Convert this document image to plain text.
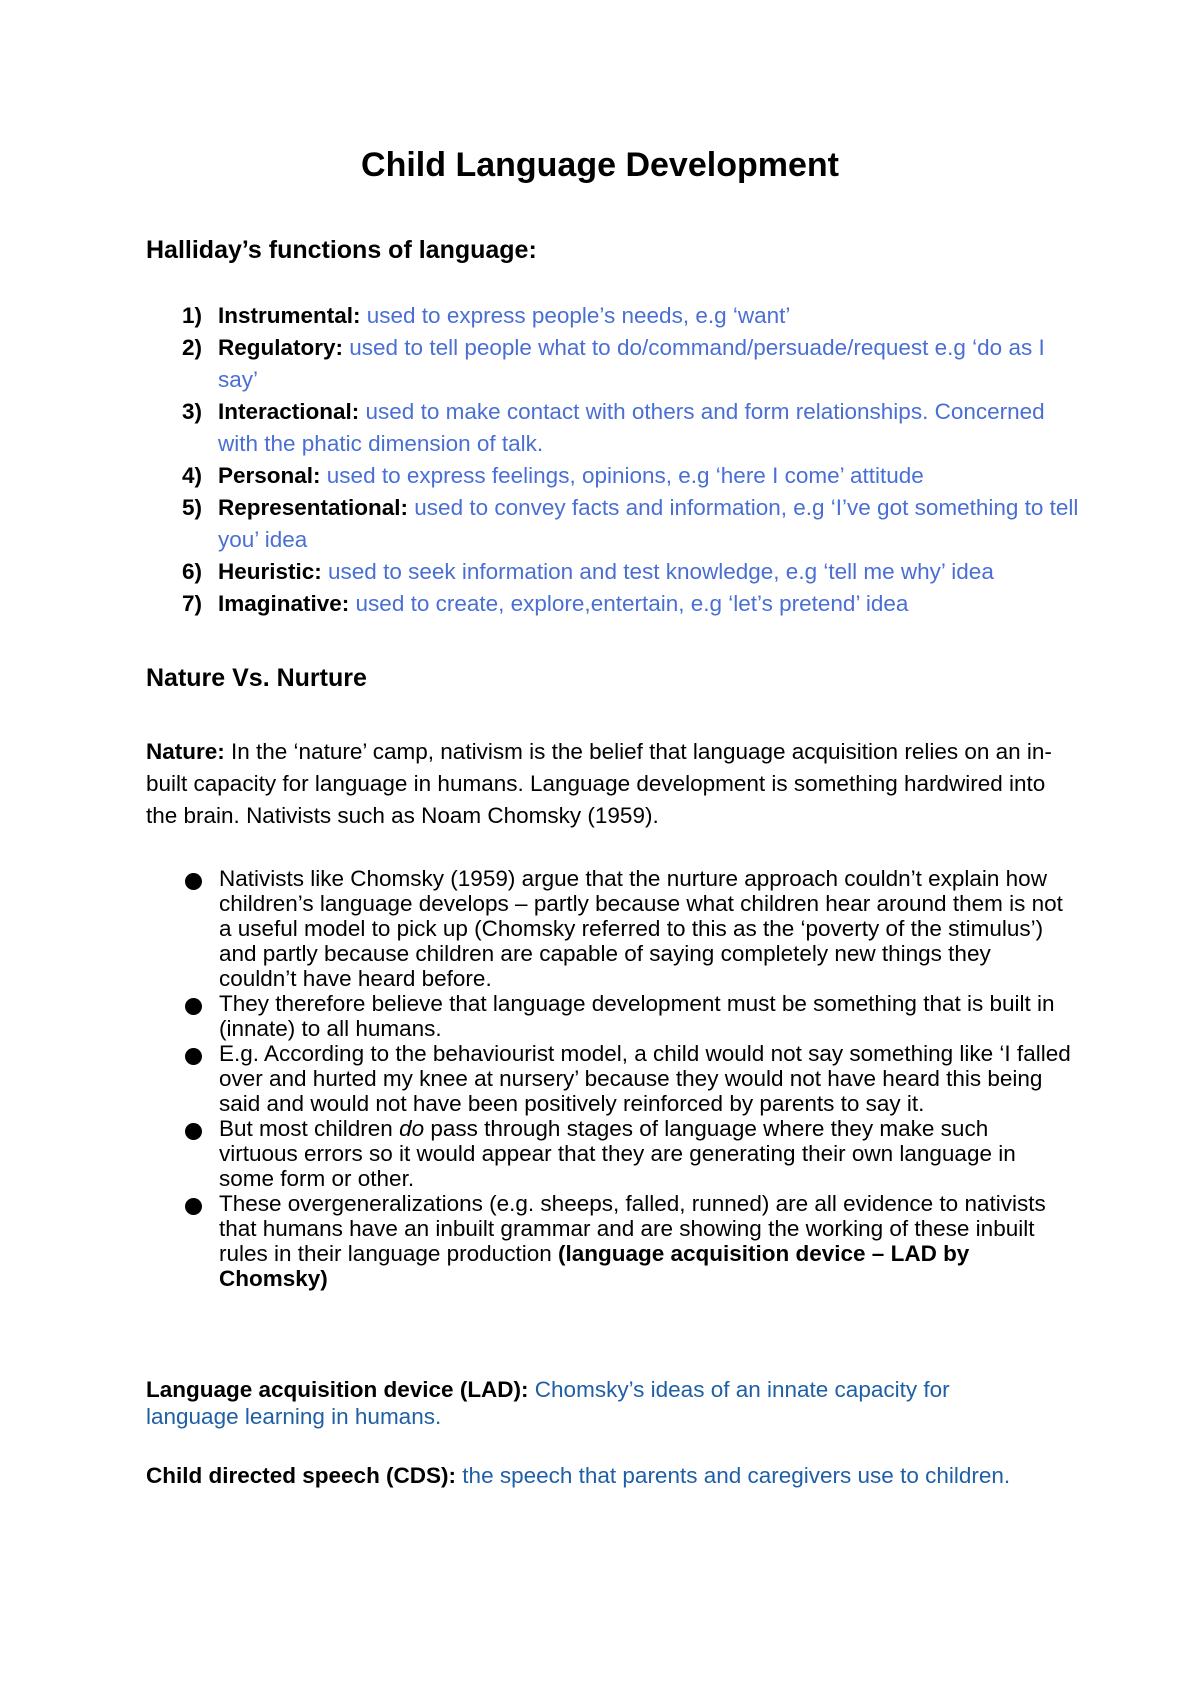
Child Language Development
Halliday’s functions of language:
1) Instrumental: used to express people’s needs, e.g ‘want’
2) Regulatory: used to tell people what to do/command/persuade/request e.g ‘do as I say’
3) Interactional: used to make contact with others and form relationships. Concerned with the phatic dimension of talk.
4) Personal: used to express feelings, opinions, e.g ‘here I come’ attitude
5) Representational: used to convey facts and information, e.g ‘I’ve got something to tell you’ idea
6) Heuristic: used to seek information and test knowledge, e.g ‘tell me why’ idea
7) Imaginative: used to create, explore,entertain, e.g ‘let’s pretend’ idea
Nature Vs. Nurture

Nature: In the ‘nature’ camp, nativism is the belief that language acquisition relies on an in-built capacity for language in humans. Language development is something hardwired into the brain. Nativists such as Noam Chomsky (1959).

Nativists like Chomsky (1959) argue that the nurture approach couldn’t explain how children’s language develops – partly because what children hear around them is not a useful model to pick up (Chomsky referred to this as the ‘poverty of the stimulus’) and partly because children are capable of saying completely new things they couldn’t have heard before.
They therefore believe that language development must be something that is built in (innate) to all humans.
E.g. According to the behaviourist model, a child would not say something like ‘I falled over and hurted my knee at nursery’ because they would not have heard this being said and would not have been positively reinforced by parents to say it.
But most children do pass through stages of language where they make such virtuous errors so it would appear that they are generating their own language in some form or other.
These overgeneralizations (e.g. sheeps, falled, runned) are all evidence to nativists that humans have an inbuilt grammar and are showing the working of these inbuilt rules in their language production (language acquisition device – LAD by Chomsky)

Language acquisition device (LAD): Chomsky’s ideas of an innate capacity for language learning in humans.

Child directed speech (CDS): the speech that parents and caregivers use to children.
